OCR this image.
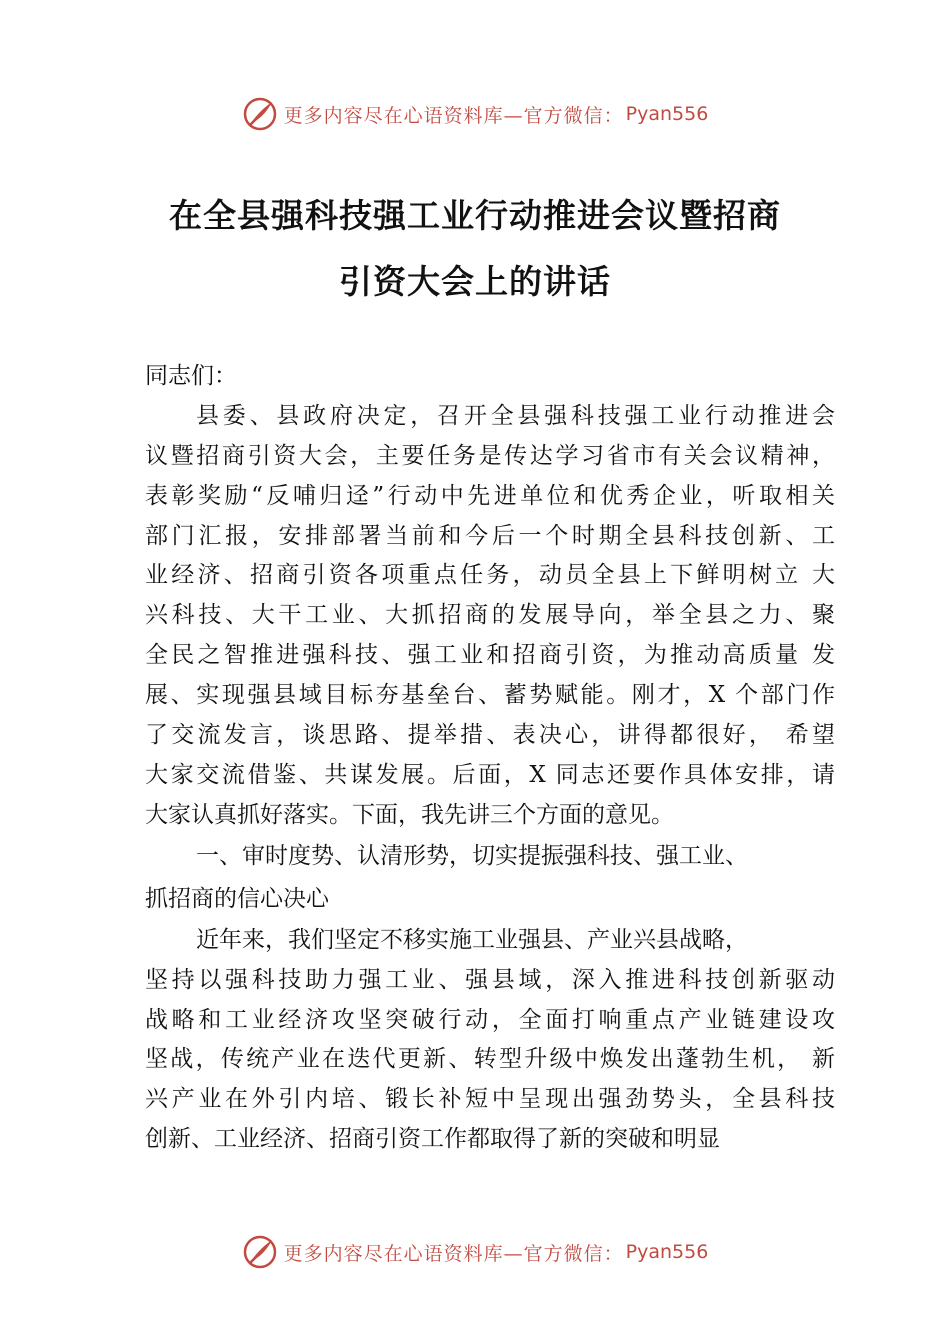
更多内容尽在心语资料库—官方微信： Pyan556
在全县强科技强工业行动推进会议暨招商
引资大会上的讲话
同志们：
县委、县政府决定，召开全县强科技强工业行动推进会
议暨招商引资大会，主要任务是传达学习省市有关会议精神，
表彰奖励“反哺归迳”行动中先进单位和优秀企业，听取相关
部门汇报，安排部署当前和今后一个时期全县科技创新、工
业经济、招商引资各项重点任务，动员全县上下鲜明树立 大
兴科技、大干工业、大抓招商的发展导向，举全县之力、聚
全民之智推进强科技、强工业和招商引资，为推动高质量 发
展、实现强县域目标夯基垒台、蓄势赋能。刚才，X 个部门作
了交流发言，谈思路、提举措、表决心，讲得都很好， 希望
大家交流借鉴、共谋发展。后面，X 同志还要作具体安排，请
大家认真抓好落实。下面，我先讲三个方面的意见。
一、审时度势、认清形势，切实提振强科技、强工业、
抓招商的信心决心
近年来，我们坚定不移实施工业强县、产业兴县战略，
坚持以强科技助力强工业、强县域，深入推进科技创新驱动
战略和工业经济攻坚突破行动，全面打响重点产业链建设攻
坚战，传统产业在迭代更新、转型升级中焕发出蓬勃生机， 新
兴产业在外引内培、锻长补短中呈现出强劲势头，全县科技
创新、工业经济、招商引资工作都取得了新的突破和明显
更多内容尽在心语资料库—官方微信： Pyan556
